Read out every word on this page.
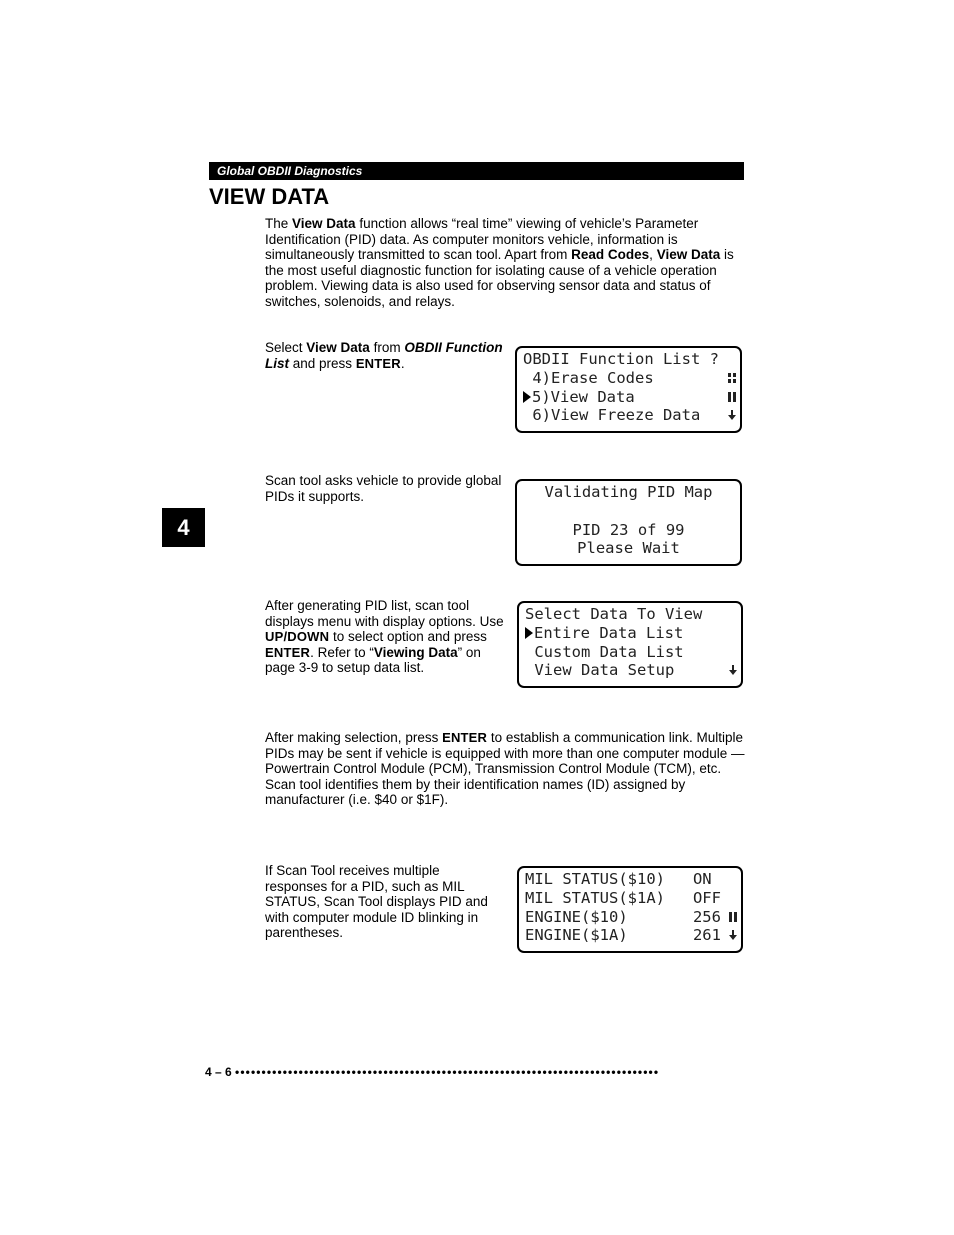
Global OBDII Diagnostics
VIEW DATA

The View Data function allows “real time” viewing of vehicle’s Parameter Identification (PID) data. As computer monitors vehicle, information is simultaneously transmitted to scan tool. Apart from Read Codes, View Data is the most useful diagnostic function for isolating cause of a vehicle operation problem. Viewing data is also used for observing sensor data and status of switches, solenoids, and relays.

Select View Data from OBDII Function List and press ENTER.	OBDII Function List ?
4)Erase Codes

5)View Data

6)View Freeze Data

Scan tool asks vehicle to provide global PIDs it supports.	Validating PID Map
PID 23 of 99
Please Wait
4

After generating PID list, scan tool displays menu with display options. Use UP/DOWN to select option and press ENTER. Refer to “Viewing Data” on page 3-9 to setup data list.

Select Data To View
Entire Data List
Custom Data List
View Data Setup

After making selection, press ENTER to establish a communication link. Multiple PIDs may be sent if vehicle is equipped with more than one computer module — Powertrain Control Module (PCM), Transmission Control Module (TCM), etc. Scan tool identifies them by their identification names (ID) assigned by manufacturer (i.e. $40 or $1F).

If Scan Tool receives multiple responses for a PID, such as MIL STATUS, Scan Tool displays PID and with computer module ID blinking in parentheses.

MIL STATUS($10)   ON
MIL STATUS($1A)   OFF
ENGINE($10)       256

ENGINE($1A)       261

4 – 6 ••••••••••••••••••••••••••••••••••••••••••••••••••••••••••••••••••••••••••••••••
